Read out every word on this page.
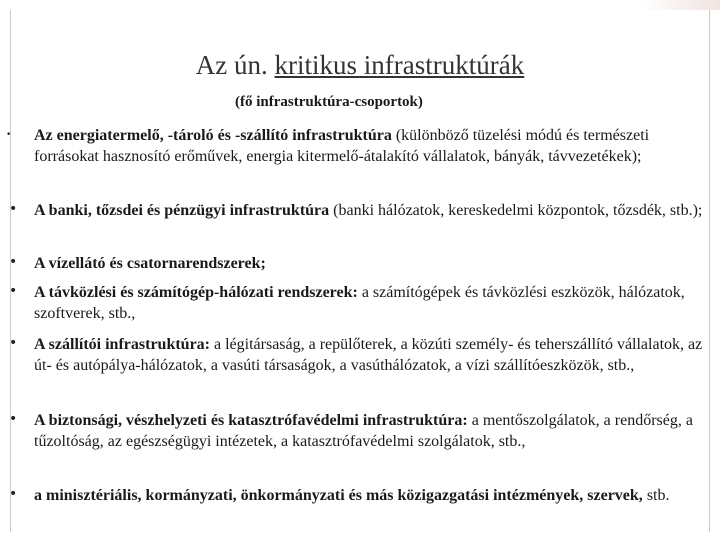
Az ún. kritikus infrastruktúrák
(fő infrastruktúra-csoportok)
• Az energiatermelő, -tároló és -szállító infrastruktúra (különböző tüzelési módú és természeti forrásokat hasznosító erőművek, energia kitermelő-átalakító vállalatok, bányák, távvezetékek);
• A banki, tőzsdei és pénzügyi infrastruktúra (banki hálózatok, kereskedelmi központok, tőzsdék, stb.);
• A vízellátó és csatornarendszerek;
• A távközlési és számítógép-hálózati rendszerek: a számítógépek és távközlési eszközök, hálózatok, szoftverek, stb.,
• A szállítói infrastruktúra: a légitársaság, a repülőterek, a közúti személy- és teherszállító vállalatok, az út- és autópálya-hálózatok, a vasúti társaságok, a vasúthálózatok, a vízi szállítóeszközök, stb.,
• A biztonsági, vészhelyzeti és katasztrófavédelmi infrastruktúra: a mentőszolgálatok, a rendőrség, a tűzoltóság, az egészségügyi intézetek, a katasztrófavédelmi szolgálatok, stb.,
• a minisztériális, kormányzati, önkormányzati és más közigazgatási intézmények, szervek, stb.
